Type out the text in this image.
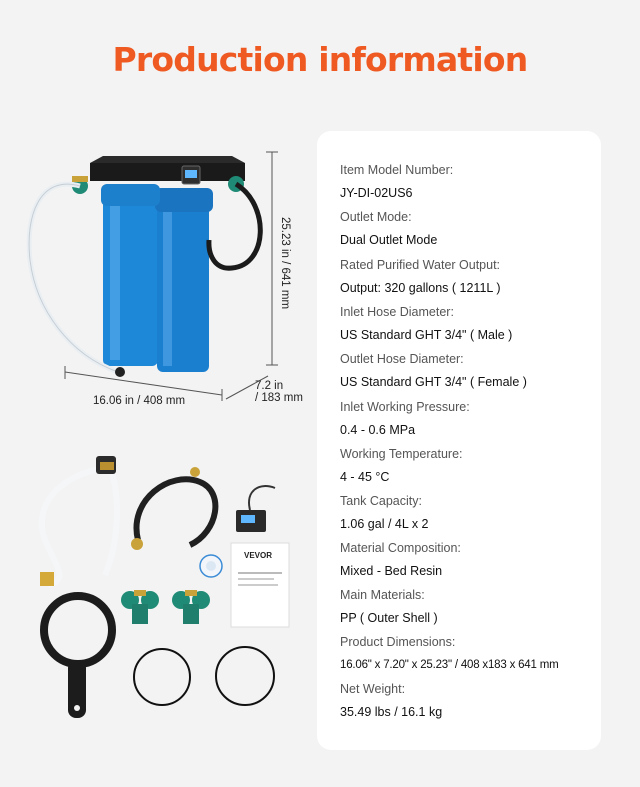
Production information
25.23 in / 641 mm
16.06 in / 408 mm
7.2 in
/ 183 mm
VEVOR
Item Model Number:
JY-DI-02US6
Outlet Mode:
Dual Outlet Mode
Rated Purified Water Output:
Output: 320 gallons ( 1211L )
Inlet Hose Diameter:
US Standard GHT 3/4" ( Male )
Outlet Hose Diameter:
US Standard GHT 3/4" ( Female )
Inlet Working Pressure:
0.4 - 0.6 MPa
Working Temperature:
4 - 45 °C
Tank Capacity:
1.06 gal / 4L x 2
Material Composition:
Mixed - Bed Resin
Main Materials:
PP ( Outer Shell )
Product Dimensions:
16.06" x 7.20" x 25.23" / 408 x183 x 641 mm
Net Weight:
35.49 lbs / 16.1 kg
